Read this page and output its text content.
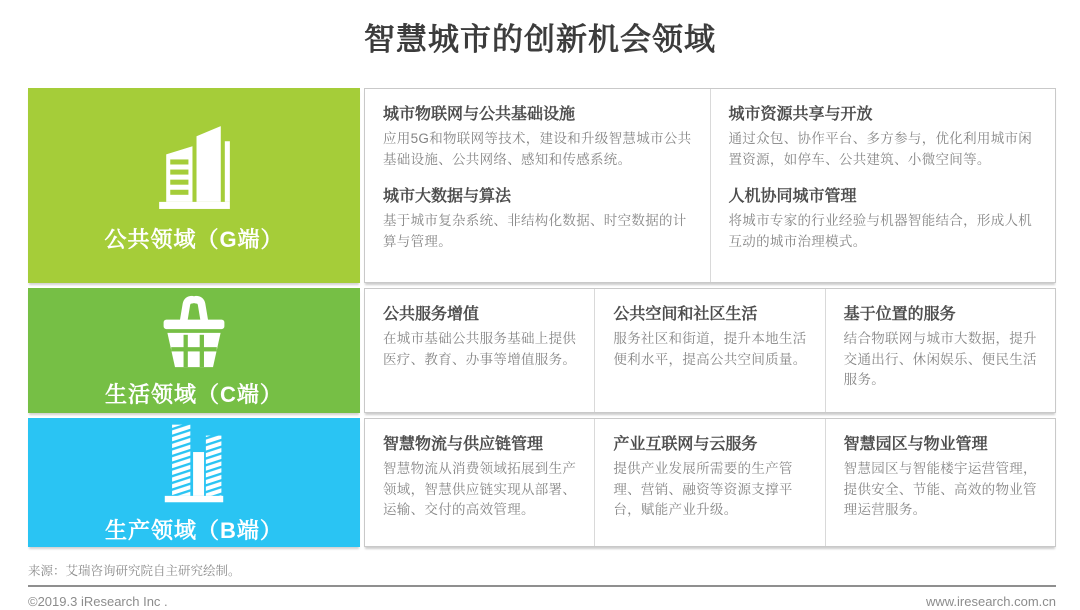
智慧城市的创新机会领域
公共领域（G端）
城市物联网与公共基础设施
应用5G和物联网等技术，建设和升级智慧城市公共基础设施、公共网络、感知和传感系统。
城市大数据与算法
基于城市复杂系统、非结构化数据、时空数据的计算与管理。
城市资源共享与开放
通过众包、协作平台、多方参与，优化利用城市闲置资源，如停车、公共建筑、小微空间等。
人机协同城市管理
将城市专家的行业经验与机器智能结合，形成人机互动的城市治理模式。
生活领域（C端）
公共服务增值
在城市基础公共服务基础上提供医疗、教育、办事等增值服务。
公共空间和社区生活
服务社区和街道，提升本地生活便利水平，提高公共空间质量。
基于位置的服务
结合物联网与城市大数据，提升交通出行、休闲娱乐、便民生活服务。
生产领域（B端）
智慧物流与供应链管理
智慧物流从消费领域拓展到生产领域，智慧供应链实现从部署、运输、交付的高效管理。
产业互联网与云服务
提供产业发展所需要的生产管理、营销、融资等资源支撑平台，赋能产业升级。
智慧园区与物业管理
智慧园区与智能楼宇运营管理，提供安全、节能、高效的物业管理运营服务。
来源：艾瑞咨询研究院自主研究绘制。
©2019.3 iResearch Inc .	www.iresearch.com.cn
